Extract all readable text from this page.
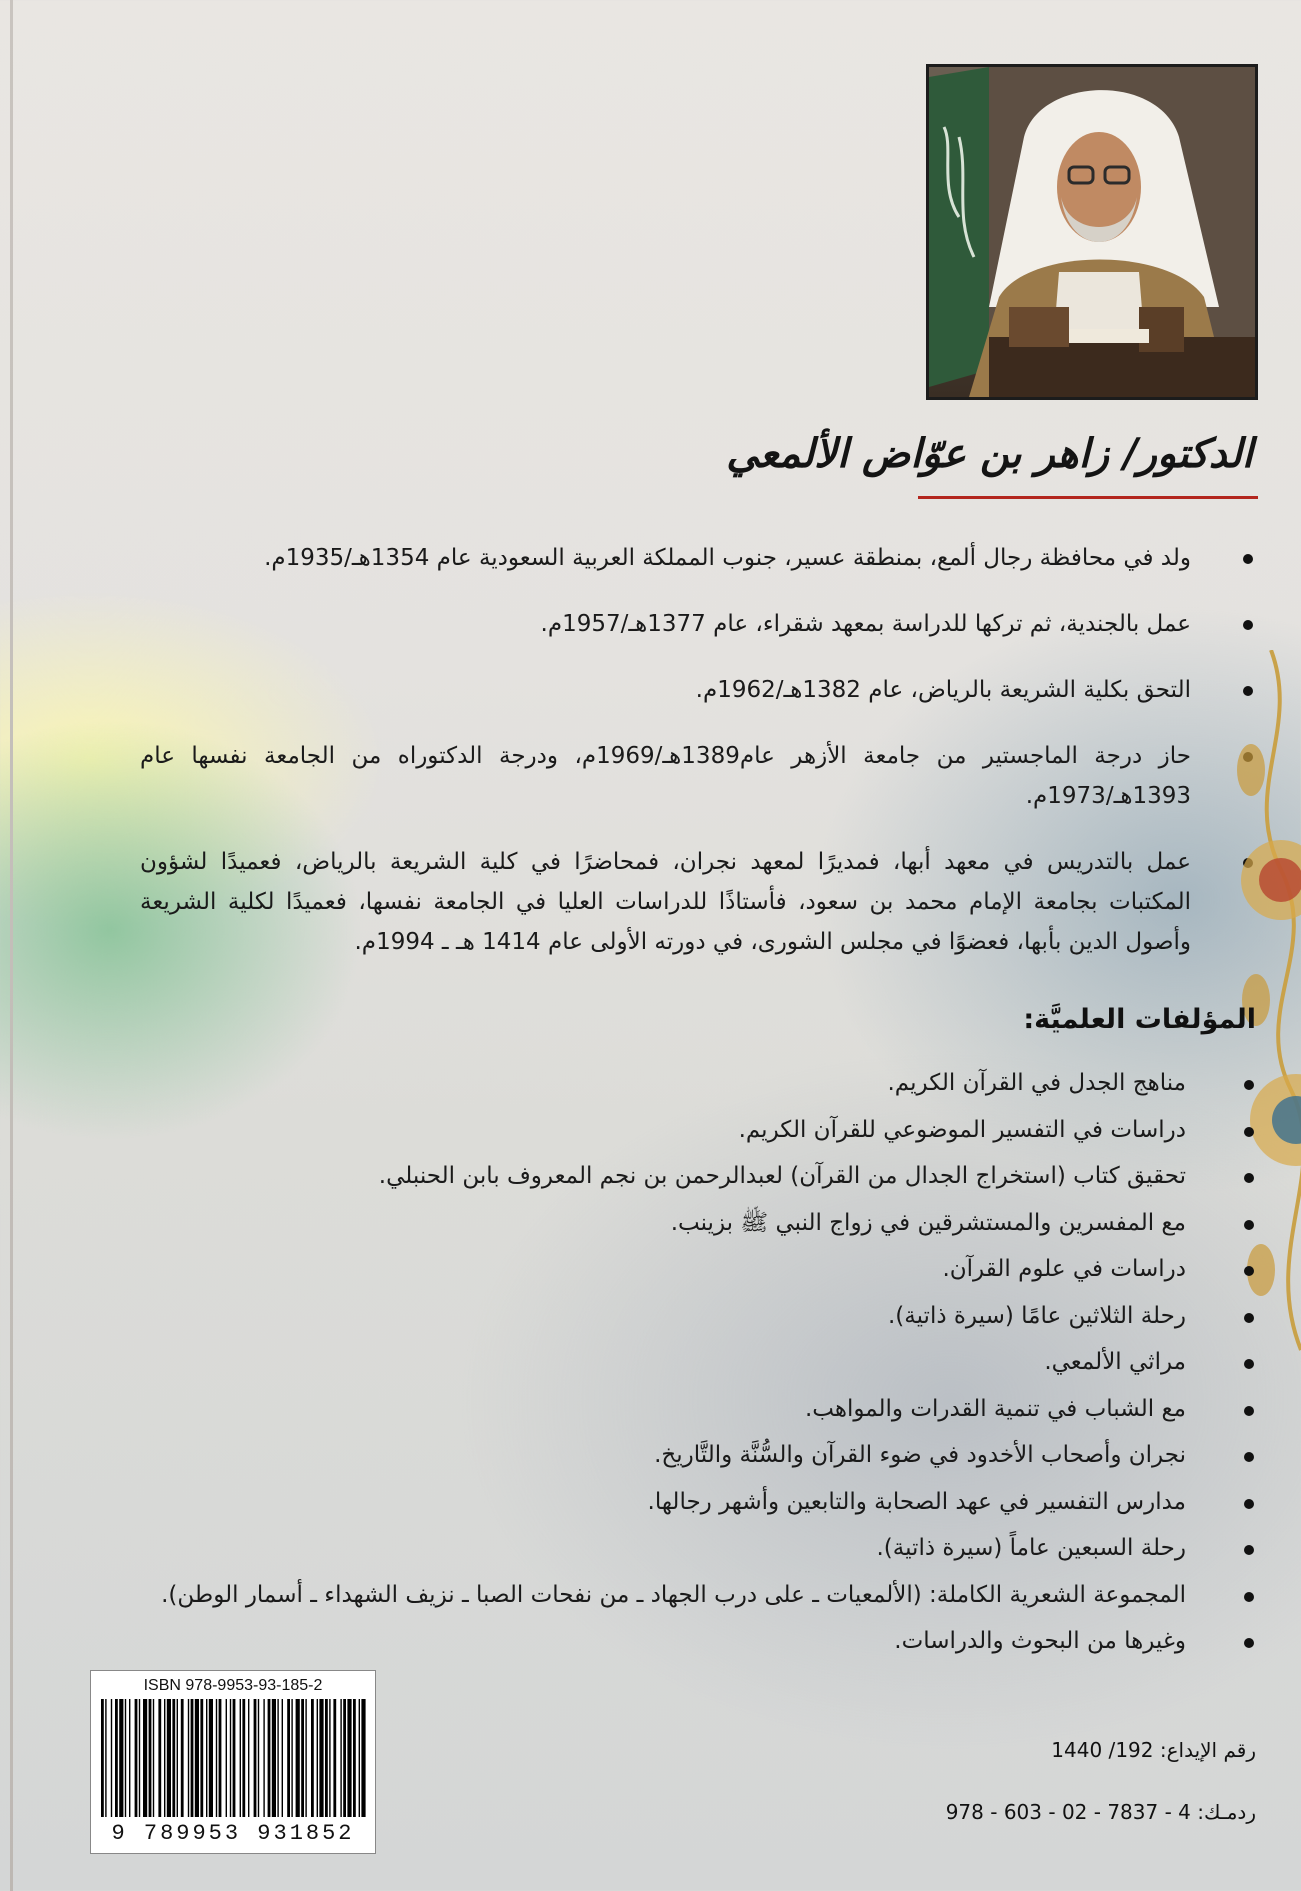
الدكتور/ زاهر بن عوّاض الألمعي
ولد في محافظة رجال ألمع، بمنطقة عسير، جنوب المملكة العربية السعودية عام 1354هـ/1935م.
عمل بالجندية، ثم تركها للدراسة بمعهد شقراء، عام 1377هـ/1957م.
التحق بكلية الشريعة بالرياض، عام 1382هـ/1962م.
حاز درجة الماجستير من جامعة الأزهر عام1389هـ/1969م، ودرجة الدكتوراه من الجامعة نفسها عام 1393هـ/1973م.
عمل بالتدريس في معهد أبها، فمديرًا لمعهد نجران، فمحاضرًا في كلية الشريعة بالرياض، فعميدًا لشؤون المكتبات بجامعة الإمام محمد بن سعود، فأستاذًا للدراسات العليا في الجامعة نفسها، فعميدًا لكلية الشريعة وأصول الدين بأبها، فعضوًا في مجلس الشورى، في دورته الأولى عام 1414 هـ ـ 1994م.
المؤلفات العلميَّة:
مناهج الجدل في القرآن الكريم.
دراسات في التفسير الموضوعي للقرآن الكريم.
تحقيق كتاب (استخراج الجدال من القرآن) لعبدالرحمن بن نجم المعروف بابن الحنبلي.
مع المفسرين والمستشرقين في زواج النبي ﷺ بزينب.
دراسات في علوم القرآن.
رحلة الثلاثين عامًا (سيرة ذاتية).
مراثي الألمعي.
مع الشباب في تنمية القدرات والمواهب.
نجران وأصحاب الأخدود في ضوء القرآن والسُّنَّة والتَّاريخ.
مدارس التفسير في عهد الصحابة والتابعين وأشهر رجالها.
رحلة السبعين عاماً (سيرة ذاتية).
المجموعة الشعرية الكاملة: (الألمعيات ـ على درب الجهاد ـ من نفحات الصبا ـ نزيف الشهداء ـ أسمار الوطن).
وغيرها من البحوث والدراسات.
ISBN 978-9953-93-185-2
9 789953 931852
رقم الإيداع: 192/ 1440
ردمـك: 4 - 7837 - 02 - 603 - 978
